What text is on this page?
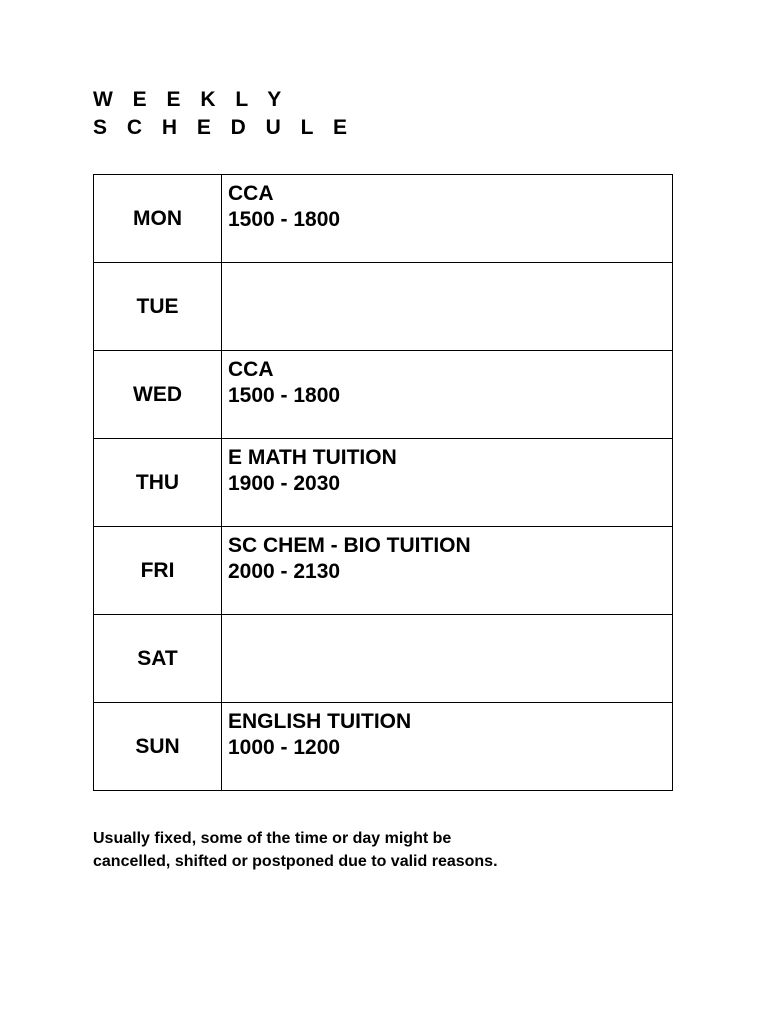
W E E K L Y
S C H E D U L E
MON	CCA
1500 - 1800

TUE	

WED	CCA
1500 - 1800

THU	E MATH TUITION
1900 - 2030

FRI	SC CHEM - BIO TUITION
2000 - 2130

SAT	

SUN	ENGLISH TUITION
1000 - 1200
Usually fixed, some of the time or day might be
cancelled, shifted or postponed due to valid reasons.
